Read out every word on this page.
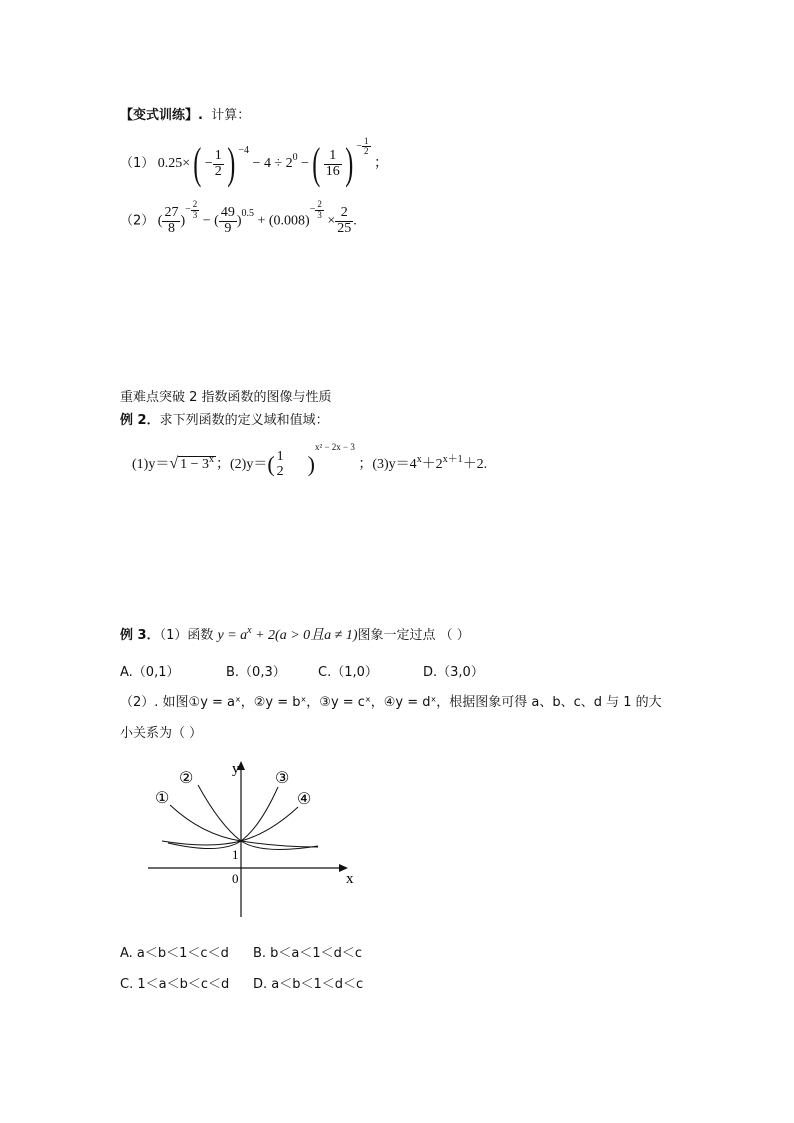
【变式训练】. 计算：
（1） $0.25\times( - \frac{1}{2}$ ) $^{-4} - 4 \div 2^0$ −( $\frac{1}{16}$ ) $^{- \frac{1}{2}}$
；
（2） ( $\frac{27}{8} )^{- \frac{2}{3}}$
− ( $\frac{49}{9} )^{0.5} + (0.008)^{- \frac{2}{3}}$
× $\frac{2}{25}$ .
重难点突破 2 指数函数的图像与性质
例 2．求下列函数的定义域和值域：
(1)y＝√ $1 - 3^x$ ；(2)y＝( 1
2 )$^{x^2 - 2x - 3}$ ；$(3)y=4^x+2^{x+1}+2$.
例 3．（1）函数 $y = a^x + 2(a > 0$且a ≠ 1)图象一定过点 （ ）
A.（0,1）	B.（0,3） C.（1,0）	D.（3,0）
（2）. 如图①y = aˣ，②y = bˣ，③y = cˣ，④y = dˣ，根据图象可得 a、b、c、d 与 1 的大
小关系为（ ）
y
x
1
0
①
②	③
④
A. a＜b＜1＜c＜d B. b＜a＜1＜d＜c
C. 1＜a＜b＜c＜d D. a＜b＜1＜d＜c
